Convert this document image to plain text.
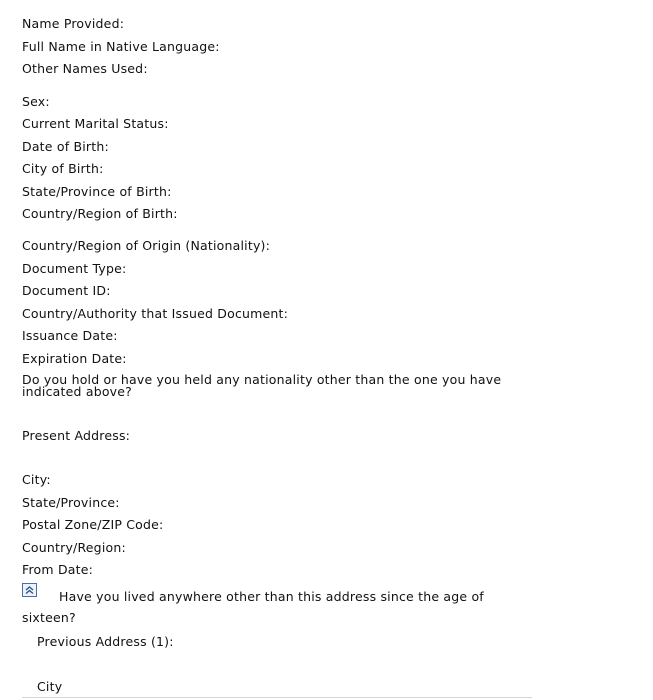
Name Provided:
Full Name in Native Language:
Other Names Used:
Sex:
Current Marital Status:
Date of Birth:
City of Birth:
State/Province of Birth:
Country/Region of Birth:
Country/Region of Origin (Nationality):
Document Type:
Document ID:
Country/Authority that Issued Document:
Issuance Date:
Expiration Date:
Do you hold or have you held any nationality other than the one you have indicated above?
Present Address:
City:
State/Province:
Postal Zone/ZIP Code:
Country/Region:
From Date:
Have you lived anywhere other than this address since the age of sixteen?
Previous Address (1):
City
